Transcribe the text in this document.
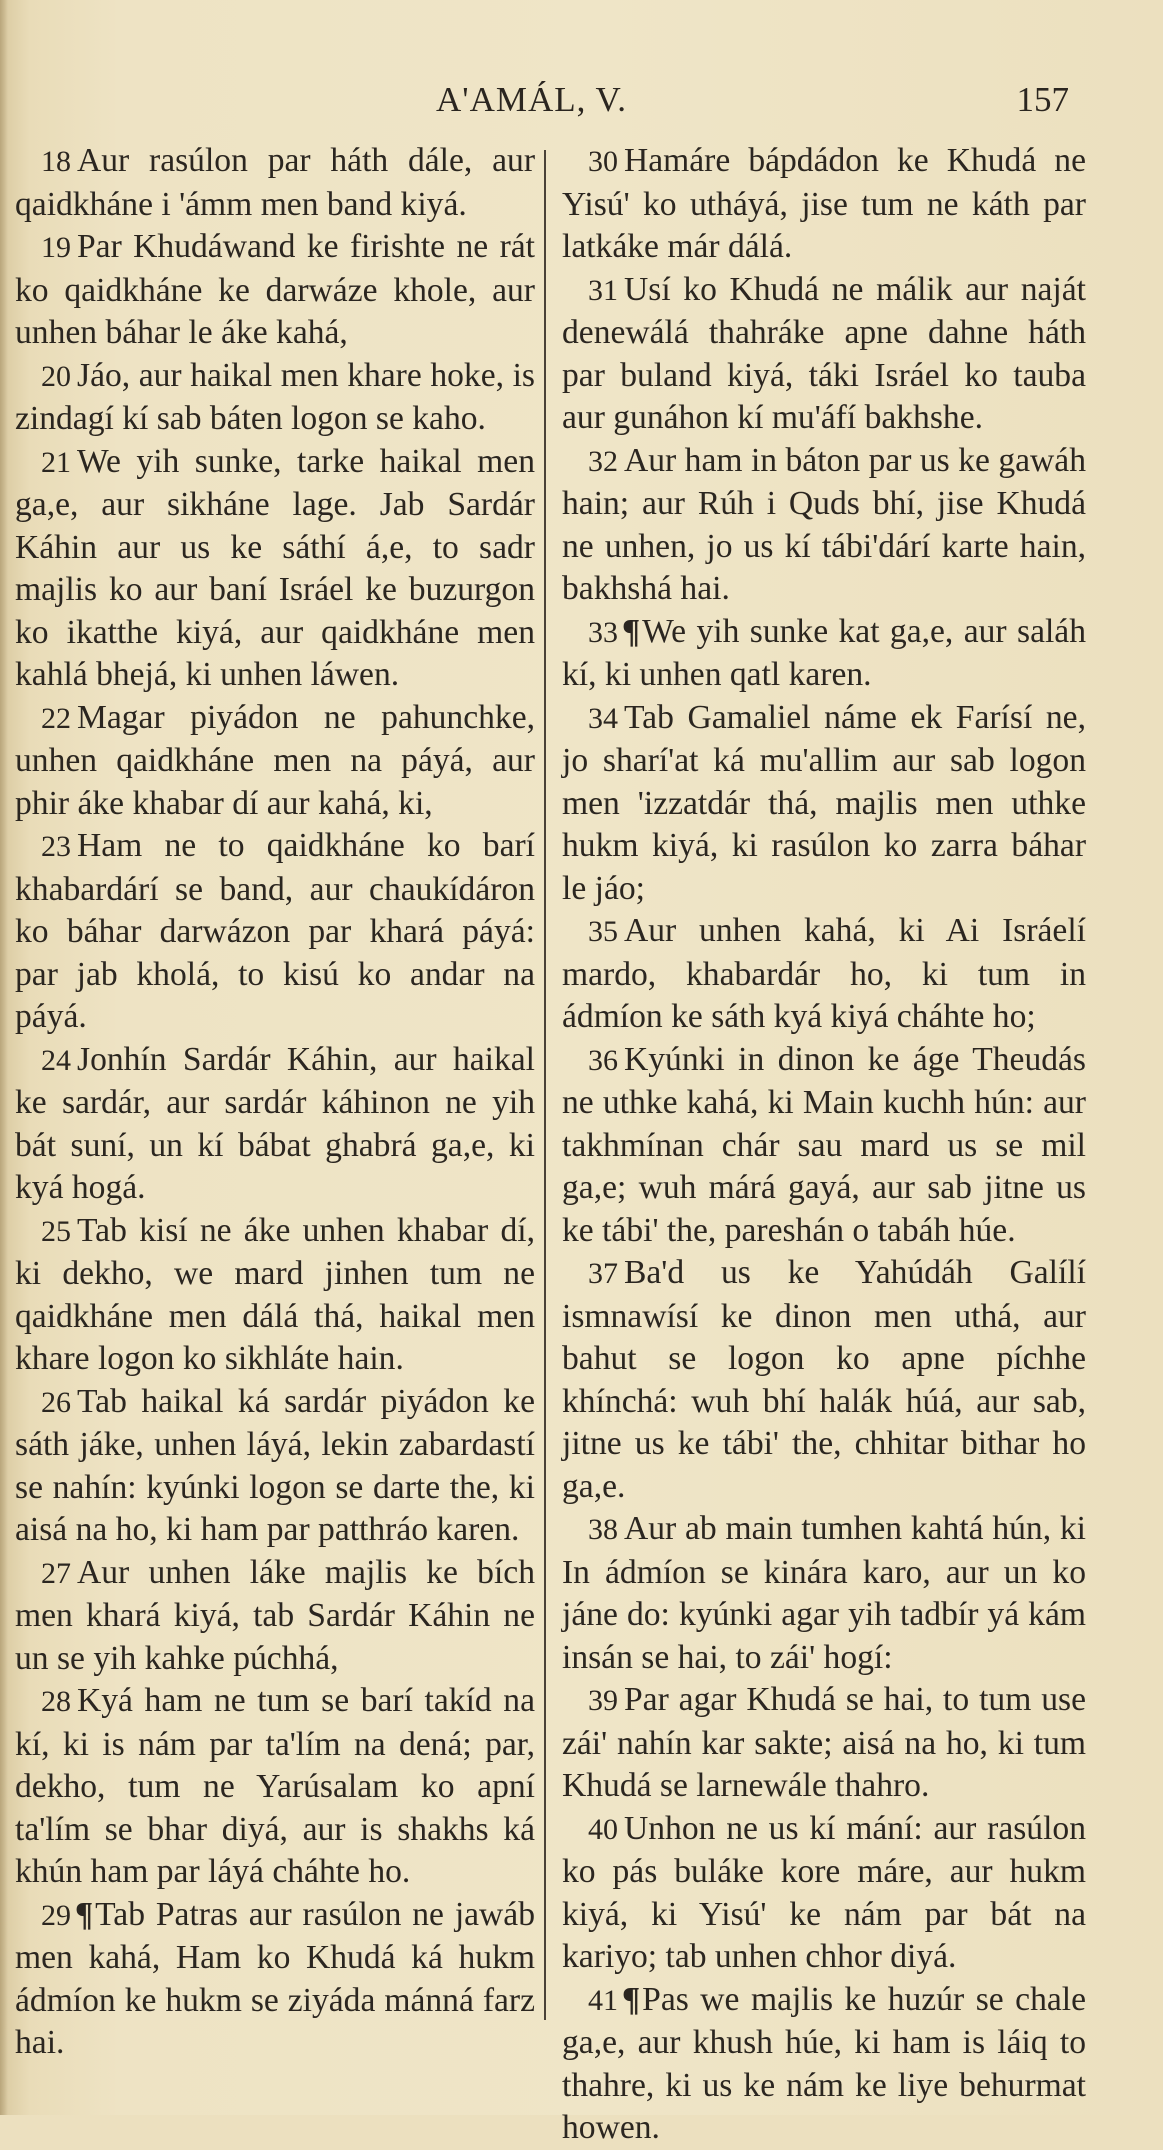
A'AMÁL, V.	157

18 Aur rasúlon par háth dále, aur qaidkháne i 'ámm men band kiyá.

19 Par Khudáwand ke firishte ne rát ko qaidkháne ke darwáze khole, aur unhen báhar le áke kahá,

20 Jáo, aur haikal men khare hoke, is zindagí kí sab báten logon se kaho.

21 We yih sunke, tarke haikal men ga,e, aur sikháne lage. Jab Sardár Káhin aur us ke sáthí á,e, to sadr majlis ko aur baní Isráel ke buzurgon ko ikatthe kiyá, aur qaidkháne men kahlá bhejá, ki unhen láwen.

22 Magar piyádon ne pahunchke, unhen qaidkháne men na páyá, aur phir áke khabar dí aur kahá, ki,

23 Ham ne to qaidkháne ko barí khabardárí se band, aur chaukídáron ko báhar darwázon par khará páyá: par jab kholá, to kisú ko andar na páyá.

24 Jonhín Sardár Káhin, aur haikal ke sardár, aur sardár káhinon ne yih bát suní, un kí bábat ghabrá ga,e, ki kyá hogá.

25 Tab kisí ne áke unhen khabar dí, ki dekho, we mard jinhen tum ne qaidkháne men dálá thá, haikal men khare logon ko sikhláte hain.

26 Tab haikal ká sardár piyádon ke sáth jáke, unhen láyá, lekin zabardastí se nahín: kyúnki logon se darte the, ki aisá na ho, ki ham par patthráo karen.

27 Aur unhen láke majlis ke bích men khará kiyá, tab Sardár Káhin ne un se yih kahke púchhá,

28 Kyá ham ne tum se barí takíd na kí, ki is nám par ta'lím na dená; par, dekho, tum ne Yarúsalam ko apní ta'lím se bhar diyá, aur is shakhs ká khún ham par láyá cháhte ho.

29 ¶Tab Patras aur rasúlon ne jawáb men kahá, Ham ko Khudá ká hukm ádmíon ke hukm se ziyáda mánná farz hai.

30 Hamáre bápdádon ke Khudá ne Yisú' ko utháyá, jise tum ne káth par latkáke már dálá.

31 Usí ko Khudá ne málik aur naját denewálá thahráke apne dahne háth par buland kiyá, táki Isráel ko tauba aur gunáhon kí mu'áfí bakhshe.

32 Aur ham in báton par us ke gawáh hain; aur Rúh i Quds bhí, jise Khudá ne unhen, jo us kí tábi'dárí karte hain, bakhshá hai.

33 ¶We yih sunke kat ga,e, aur saláh kí, ki unhen qatl karen.

34 Tab Gamaliel náme ek Farísí ne, jo sharí'at ká mu'allim aur sab logon men 'izzatdár thá, majlis men uthke hukm kiyá, ki rasúlon ko zarra báhar le jáo;

35 Aur unhen kahá, ki Ai Isráelí mardo, khabardár ho, ki tum in ádmíon ke sáth kyá kiyá cháhte ho;

36 Kyúnki in dinon ke áge Theudás ne uthke kahá, ki Main kuchh hún: aur takhmínan chár sau mard us se mil ga,e; wuh márá gayá, aur sab jitne us ke tábi' the, pareshán o tabáh húe.

37 Ba'd us ke Yahúdáh Galílí ismnawísí ke dinon men uthá, aur bahut se logon ko apne píchhe khínchá: wuh bhí halák húá, aur sab, jitne us ke tábi' the, chhitar bithar ho ga,e.

38 Aur ab main tumhen kahtá hún, ki In ádmíon se kinára karo, aur un ko jáne do: kyúnki agar yih tadbír yá kám insán se hai, to zái' hogí:

39 Par agar Khudá se hai, to tum use zái' nahín kar sakte; aisá na ho, ki tum Khudá se larnewále thahro.

40 Unhon ne us kí mání: aur rasúlon ko pás buláke kore máre, aur hukm kiyá, ki Yisú' ke nám par bát na kariyo; tab unhen chhor diyá.

41 ¶Pas we majlis ke huzúr se chale ga,e, aur khush húe, ki ham is láiq to thahre, ki us ke nám ke liye behurmat howen.
